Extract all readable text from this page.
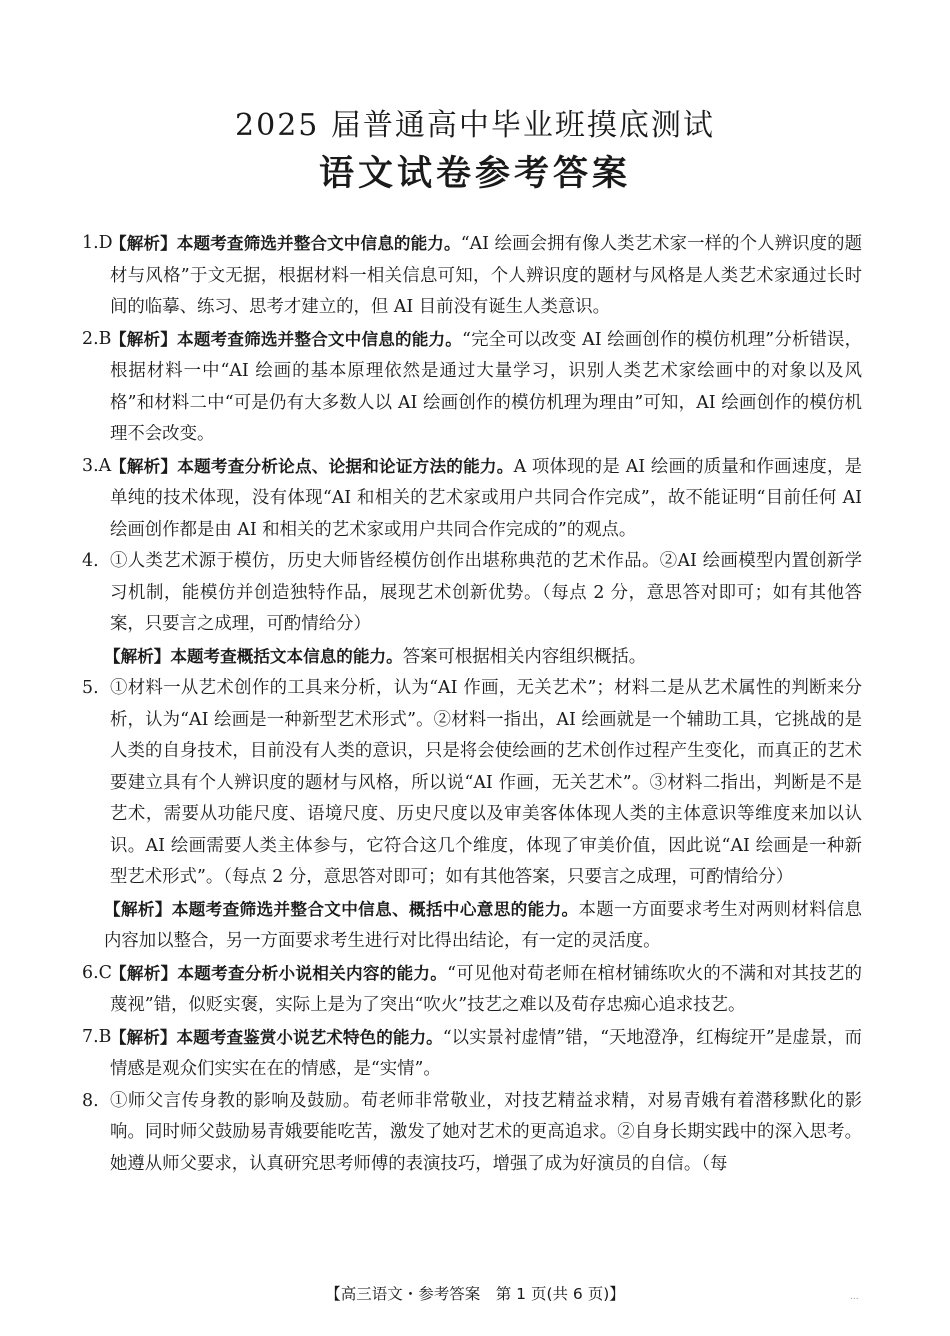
2025 届普通高中毕业班摸底测试
语文试卷参考答案
1.D
【解析】本题考查筛选并整合文中信息的能力。“AI 绘画会拥有像人类艺术家一样的个人辨识度的题材与风格”于文无据，根据材料一相关信息可知，个人辨识度的题材与风格是人类艺术家通过长时间的临摹、练习、思考才建立的，但 AI 目前没有诞生人类意识。
2.B
【解析】本题考查筛选并整合文中信息的能力。“完全可以改变 AI 绘画创作的模仿机理”分析错误，根据材料一中“AI 绘画的基本原理依然是通过大量学习，识别人类艺术家绘画中的对象以及风格”和材料二中“可是仍有大多数人以 AI 绘画创作的模仿机理为理由”可知，AI 绘画创作的模仿机理不会改变。
3.A
【解析】本题考查分析论点、论据和论证方法的能力。A 项体现的是 AI 绘画的质量和作画速度，是单纯的技术体现，没有体现“AI 和相关的艺术家或用户共同合作完成”，故不能证明“目前任何 AI 绘画创作都是由 AI 和相关的艺术家或用户共同合作完成的”的观点。
4. ①人类艺术源于模仿，历史大师皆经模仿创作出堪称典范的艺术作品。②AI 绘画模型内置创新学习机制，能模仿并创造独特作品，展现艺术创新优势。（每点 2 分，意思答对即可；如有其他答案，只要言之成理，可酌情给分）
【解析】本题考查概括文本信息的能力。答案可根据相关内容组织概括。
5. ①材料一从艺术创作的工具来分析，认为“AI 作画，无关艺术”；材料二是从艺术属性的判断来分析，认为“AI 绘画是一种新型艺术形式”。②材料一指出，AI 绘画就是一个辅助工具，它挑战的是人类的自身技术，目前没有人类的意识，只是将会使绘画的艺术创作过程产生变化，而真正的艺术要建立具有个人辨识度的题材与风格，所以说“AI 作画，无关艺术”。③材料二指出，判断是不是艺术，需要从功能尺度、语境尺度、历史尺度以及审美客体体现人类的主体意识等维度来加以认识。AI 绘画需要人类主体参与，它符合这几个维度，体现了审美价值，因此说“AI 绘画是一种新型艺术形式”。（每点 2 分，意思答对即可；如有其他答案，只要言之成理，可酌情给分）
【解析】本题考查筛选并整合文中信息、概括中心意思的能力。本题一方面要求考生对两则材料信息内容加以整合，另一方面要求考生进行对比得出结论，有一定的灵活度。
6.C
【解析】本题考查分析小说相关内容的能力。“可见他对荀老师在棺材铺练吹火的不满和对其技艺的蔑视”错，似贬实褒，实际上是为了突出“吹火”技艺之难以及荀存忠痴心追求技艺。
7.B
【解析】本题考查鉴赏小说艺术特色的能力。“以实景衬虚情”错，“天地澄净，红梅绽开”是虚景，而情感是观众们实实在在的情感，是“实情”。
8. ①师父言传身教的影响及鼓励。荀老师非常敬业，对技艺精益求精，对易青娥有着潜移默化的影响。同时师父鼓励易青娥要能吃苦，激发了她对艺术的更高追求。②自身长期实践中的深入思考。她遵从师父要求，认真研究思考师傅的表演技巧，增强了成为好演员的自信。（每
【高三语文・参考答案　第 1 页(共 6 页)】	...
